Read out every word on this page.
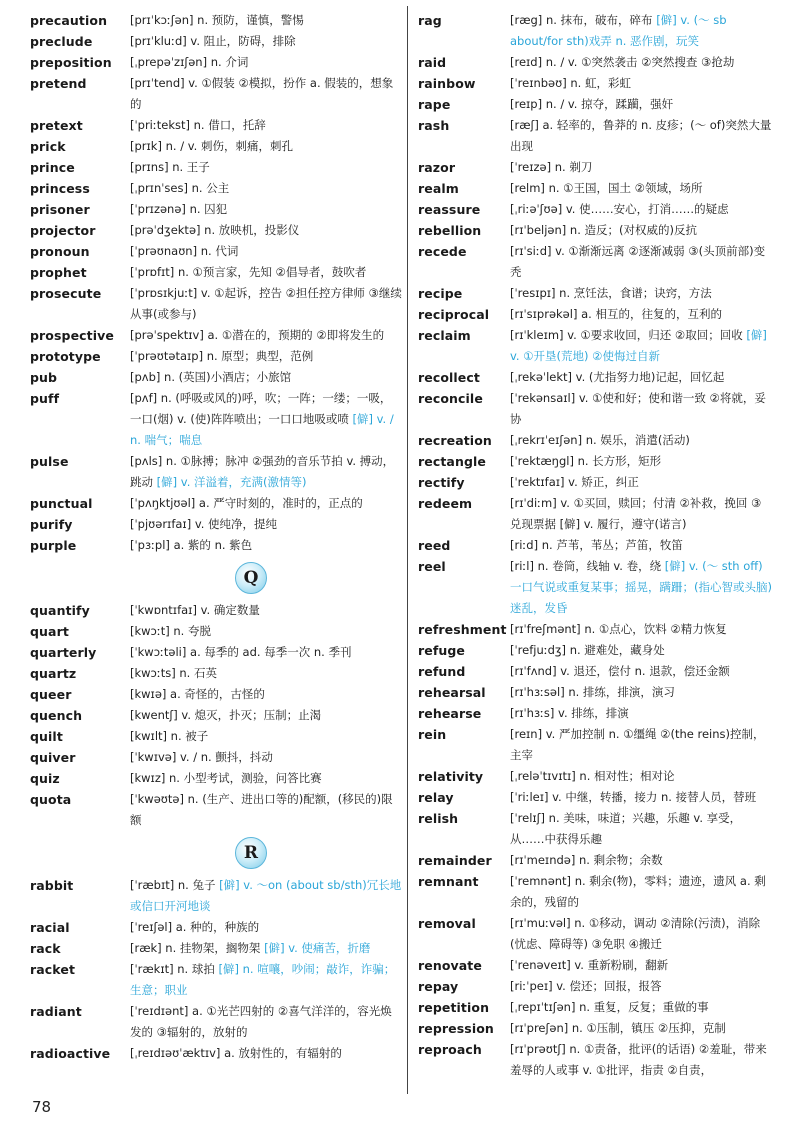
precaution	[prɪˈkɔːʃən] n. 预防，谨慎，警惕
preclude	[prɪˈkluːd] v. 阻止，防碍，排除
preposition	[ˌprepəˈzɪʃən] n. 介词
pretend	[prɪˈtend] v. ①假装 ②模拟，扮作 a. 假装的，想象的
pretext	[ˈpriːtekst] n. 借口，托辞
prick	[prɪk] n. / v. 刺伤，刺痛，刺孔
prince	[prɪns] n. 王子
princess	[ˌprɪnˈses] n. 公主
prisoner	[ˈprɪzənə] n. 囚犯
projector	[prəˈdʒektə] n. 放映机，投影仪
pronoun	[ˈprəʊnaʊn] n. 代词
prophet	[ˈprɒfɪt] n. ①预言家，先知 ②倡导者，鼓吹者
prosecute	[ˈprɒsɪkjuːt] v. ①起诉，控告 ②担任控方律师 ③继续从事(或参与)
prospective	[prəˈspektɪv] a. ①潜在的，预期的 ②即将发生的
prototype	[ˈprəʊtətaɪp] n. 原型；典型，范例
pub	[pʌb] n. (英国)小酒店；小旅馆
puff	[pʌf] n. (呼吸或风的)呼，吹；一阵；一缕；一吸，一口(烟) v. (使)阵阵喷出；一口口地吸或喷 [僻] v. / n. 喘气；喘息
pulse	[pʌls] n. ①脉搏；脉冲 ②强劲的音乐节拍 v. 搏动，跳动 [僻] v. 洋溢着，充满(激情等)
punctual	[ˈpʌŋktjʊəl] a. 严守时刻的，准时的，正点的
purify	[ˈpjʊərɪfaɪ] v. 使纯净，提纯
purple	[ˈpɜːpl] a. 紫的 n. 紫色
Q
quantify	[ˈkwɒntɪfaɪ] v. 确定数量
quart	[kwɔːt] n. 夸脱
quarterly	[ˈkwɔːtəli] a. 每季的 ad. 每季一次 n. 季刊
quartz	[kwɔːts] n. 石英
queer	[kwɪə] a. 奇怪的，古怪的
quench	[kwentʃ] v. 熄灭，扑灭；压制；止渴
quilt	[kwɪlt] n. 被子
quiver	[ˈkwɪvə] v. / n. 颤抖，抖动
quiz	[kwɪz] n. 小型考试，测验，问答比赛
quota	[ˈkwəʊtə] n. (生产、进出口等的)配额，(移民的)限额
R
rabbit	[ˈræbɪt] n. 兔子 [僻] v. ～on (about sb/sth)冗长地或信口开河地谈
racial	[ˈreɪʃəl] a. 种的，种族的
rack	[ræk] n. 挂物架，搁物架 [僻] v. 使痛苦，折磨
racket	[ˈrækɪt] n. 球拍 [僻] n. 喧嚷，吵闹；敲诈，诈骗；生意；职业
radiant	[ˈreɪdɪənt] a. ①光芒四射的 ②喜气洋洋的，容光焕发的 ③辐射的，放射的
radioactive	[ˌreɪdɪəʊˈæktɪv] a. 放射性的，有辐射的
rag	[ræg] n. 抹布，破布，碎布 [僻] v. (～ sb about/for sth)戏弄 n. 恶作剧，玩笑
raid	[reɪd] n. / v. ①突然袭击 ②突然搜查 ③抢劫
rainbow	[ˈreɪnbəʊ] n. 虹，彩虹
rape	[reɪp] n. / v. 掠夺，蹂躏，强奸
rash	[ræʃ] a. 轻率的，鲁莽的 n. 皮疹；(～ of)突然大量出现
razor	[ˈreɪzə] n. 剃刀
realm	[relm] n. ①王国，国土 ②领域，场所
reassure	[ˌriːəˈʃʊə] v. 使……安心，打消……的疑虑
rebellion	[rɪˈbeljən] n. 造反；(对权威的)反抗
recede	[rɪˈsiːd] v. ①渐渐远离 ②逐渐减弱 ③(头顶前部)变秃
recipe	[ˈresɪpɪ] n. 烹饪法，食谱；诀窍，方法
reciprocal	[rɪˈsɪprəkəl] a. 相互的，往复的，互利的
reclaim	[rɪˈkleɪm] v. ①要求收回，归还 ②取回；回收 [僻] v. ①开垦(荒地) ②使悔过自新
recollect	[ˌrekəˈlekt] v. (尤指努力地)记起，回忆起
reconcile	[ˈrekənsaɪl] v. ①使和好；使和谐一致 ②将就，妥协
recreation	[ˌrekrɪˈeɪʃən] n. 娱乐，消遣(活动)
rectangle	[ˈrektæŋgl] n. 长方形，矩形
rectify	[ˈrektɪfaɪ] v. 矫正，纠正
redeem	[rɪˈdiːm] v. ①买回，赎回；付清 ②补救，挽回 ③兑现票据 [僻] v. 履行，遵守(诺言)
reed	[riːd] n. 芦苇，苇丛；芦笛，牧笛
reel	[riːl] n. 卷筒，线轴 v. 卷，绕 [僻] v. (～ sth off)一口气说或重复某事；摇晃，蹒跚；(指心智或头脑)迷乱，发昏
refreshment [rɪˈfreʃmənt] n. ①点心，饮料 ②精力恢复
refuge	[ˈrefjuːdʒ] n. 避难处，藏身处
refund	[rɪˈfʌnd] v. 退还，偿付 n. 退款，偿还金额
rehearsal	[rɪˈhɜːsəl] n. 排练，排演，演习
rehearse	[rɪˈhɜːs] v. 排练，排演
rein	[reɪn] v. 严加控制 n. ①缰绳 ②(the reins)控制，主宰
relativity	[ˌreləˈtɪvɪtɪ] n. 相对性；相对论
relay	[ˈriːleɪ] v. 中继，转播，接力 n. 接替人员，替班
relish	[ˈrelɪʃ] n. 美味，味道；兴趣，乐趣 v. 享受，从……中获得乐趣
remainder	[rɪˈmeɪndə] n. 剩余物；余数
remnant	[ˈremnənt] n. 剩余(物)，零料；遗迹，遗风 a. 剩余的，残留的
removal	[rɪˈmuːvəl] n. ①移动，调动 ②清除(污渍)，消除(忧虑、障碍等) ③免职 ④搬迁
renovate	[ˈrenəveɪt] v. 重新粉刷，翻新
repay	[riːˈpeɪ] v. 偿还；回报，报答
repetition	[ˌrepɪˈtɪʃən] n. 重复，反复；重做的事
repression	[rɪˈpreʃən] n. ①压制，镇压 ②压抑，克制
reproach	[rɪˈprəʊtʃ] n. ①责备，批评(的话语) ②羞耻，带来羞辱的人或事 v. ①批评，指责 ②自责，
78
